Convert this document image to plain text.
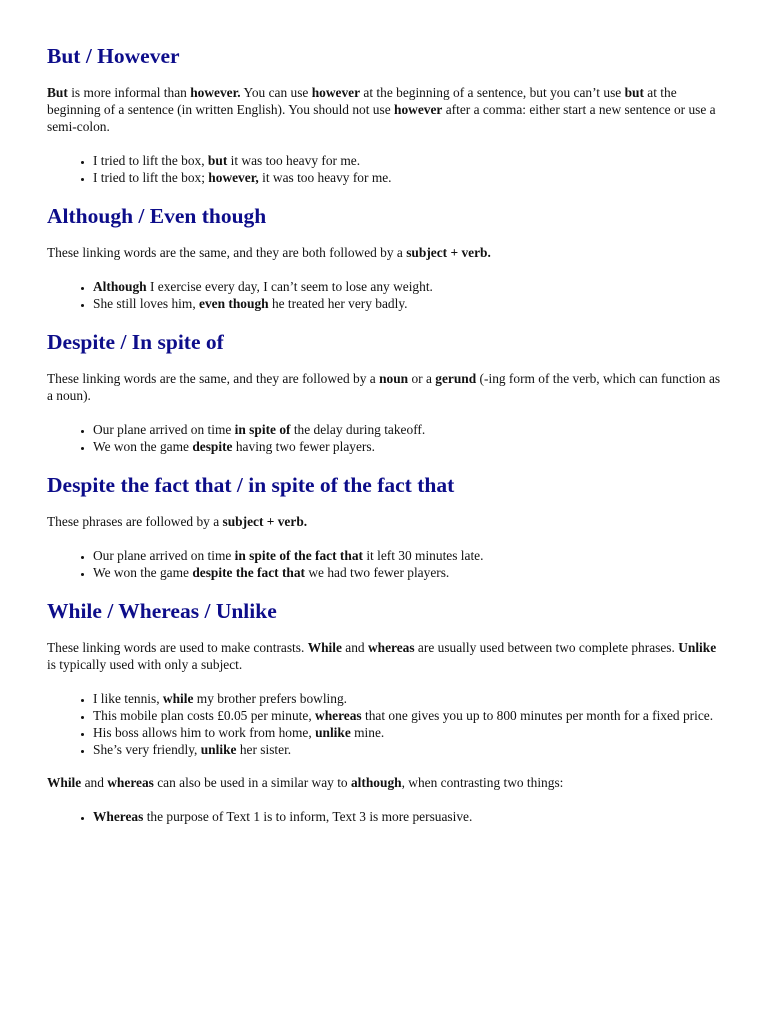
But / However

But is more informal than however. You can use however at the beginning of a sentence, but you can’t use but at the beginning of a sentence (in written English). You should not use however after a comma: either start a new sentence or use a semi-colon.

• I tried to lift the box, but it was too heavy for me.
• I tried to lift the box; however, it was too heavy for me.
Although / Even though

These linking words are the same, and they are both followed by a subject + verb.

• Although I exercise every day, I can’t seem to lose any weight.
• She still loves him, even though he treated her very badly.
Despite / In spite of

These linking words are the same, and they are followed by a noun or a gerund (-ing form of the verb, which can function as a noun).

• Our plane arrived on time in spite of the delay during takeoff.
• We won the game despite having two fewer players.
Despite the fact that / in spite of the fact that

These phrases are followed by a subject + verb.

• Our plane arrived on time in spite of the fact that it left 30 minutes late.
• We won the game despite the fact that we had two fewer players.
While / Whereas / Unlike

These linking words are used to make contrasts. While and whereas are usually used between two complete phrases. Unlike is typically used with only a subject.

• I like tennis, while my brother prefers bowling.
• This mobile plan costs £0.05 per minute, whereas that one gives you up to 800 minutes per month for a fixed price.
• His boss allows him to work from home, unlike mine.
• She’s very friendly, unlike her sister.

While and whereas can also be used in a similar way to although, when contrasting two things:

• Whereas the purpose of Text 1 is to inform, Text 3 is more persuasive.
